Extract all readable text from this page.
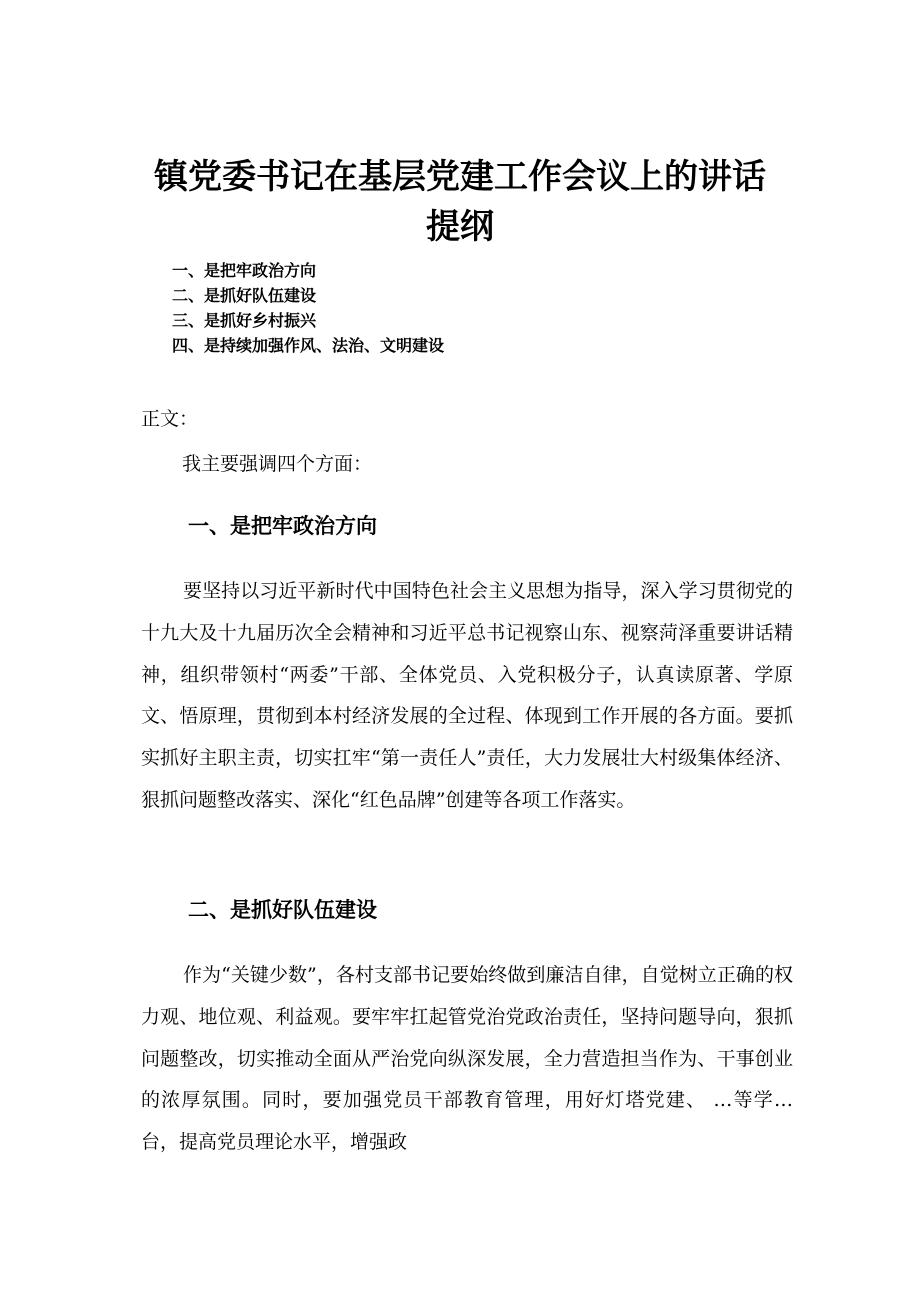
镇党委书记在基层党建工作会议上的讲话
提纲
一、是把牢政治方向
二、是抓好队伍建设
三、是抓好乡村振兴
四、是持续加强作风、法治、文明建设
正文：
我主要强调四个方面：
一、是把牢政治方向

要坚持以习近平新时代中国特色社会主义思想为指导，深入学习贯彻党的十九大及十九届历次全会精神和习近平总书记视察山东、视察菏泽重要讲话精神，组织带领村“两委”干部、全体党员、入党积极分子，认真读原著、学原文、悟原理，贯彻到本村经济发展的全过程、体现到工作开展的各方面。要抓实抓好主职主责，切实扛牢“第一责任人”责任，大力发展壮大村级集体经济、狠抓问题整改落实、深化“红色品牌”创建等各项工作落实。

二、是抓好队伍建设

作为“关键少数”，各村支部书记要始终做到廉洁自律，自觉树立正确的权力观、地位观、利益观。要牢牢扛起管党治党政治责任，坚持问题导向，狠抓问题整改，切实推动全面从严治党向纵深发展，全力营造担当作为、干事创业的浓厚氛围。同时，要加强党员干部教育管理，用好灯塔党建、 …等学…台，提高党员理论水平，增强政
